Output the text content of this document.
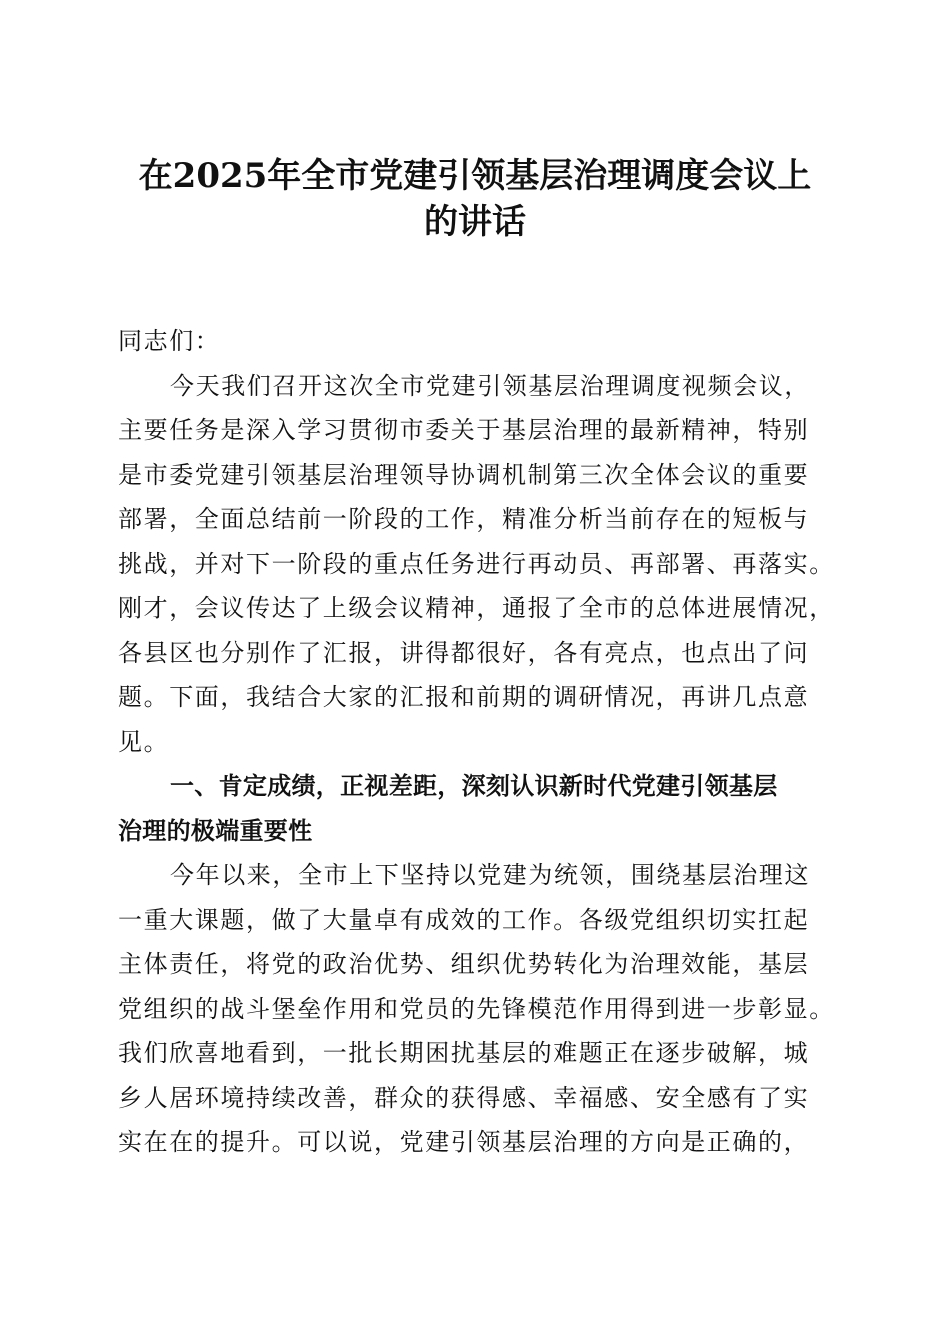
在2025年全市党建引领基层治理调度会议上
的讲话
同志们：
今天我们召开这次全市党建引领基层治理调度视频会议，
主要任务是深入学习贯彻市委关于基层治理的最新精神，特别
是市委党建引领基层治理领导协调机制第三次全体会议的重要
部署，全面总结前一阶段的工作，精准分析当前存在的短板与
挑战，并对下一阶段的重点任务进行再动员、再部署、再落实。
刚才，会议传达了上级会议精神，通报了全市的总体进展情况，
各县区也分别作了汇报，讲得都很好，各有亮点，也点出了问
题。下面，我结合大家的汇报和前期的调研情况，再讲几点意
见。
一、肯定成绩，正视差距，深刻认识新时代党建引领基层
治理的极端重要性
今年以来，全市上下坚持以党建为统领，围绕基层治理这
一重大课题，做了大量卓有成效的工作。各级党组织切实扛起
主体责任，将党的政治优势、组织优势转化为治理效能，基层
党组织的战斗堡垒作用和党员的先锋模范作用得到进一步彰显。
我们欣喜地看到，一批长期困扰基层的难题正在逐步破解，城
乡人居环境持续改善，群众的获得感、幸福感、安全感有了实
实在在的提升。可以说，党建引领基层治理的方向是正确的，
